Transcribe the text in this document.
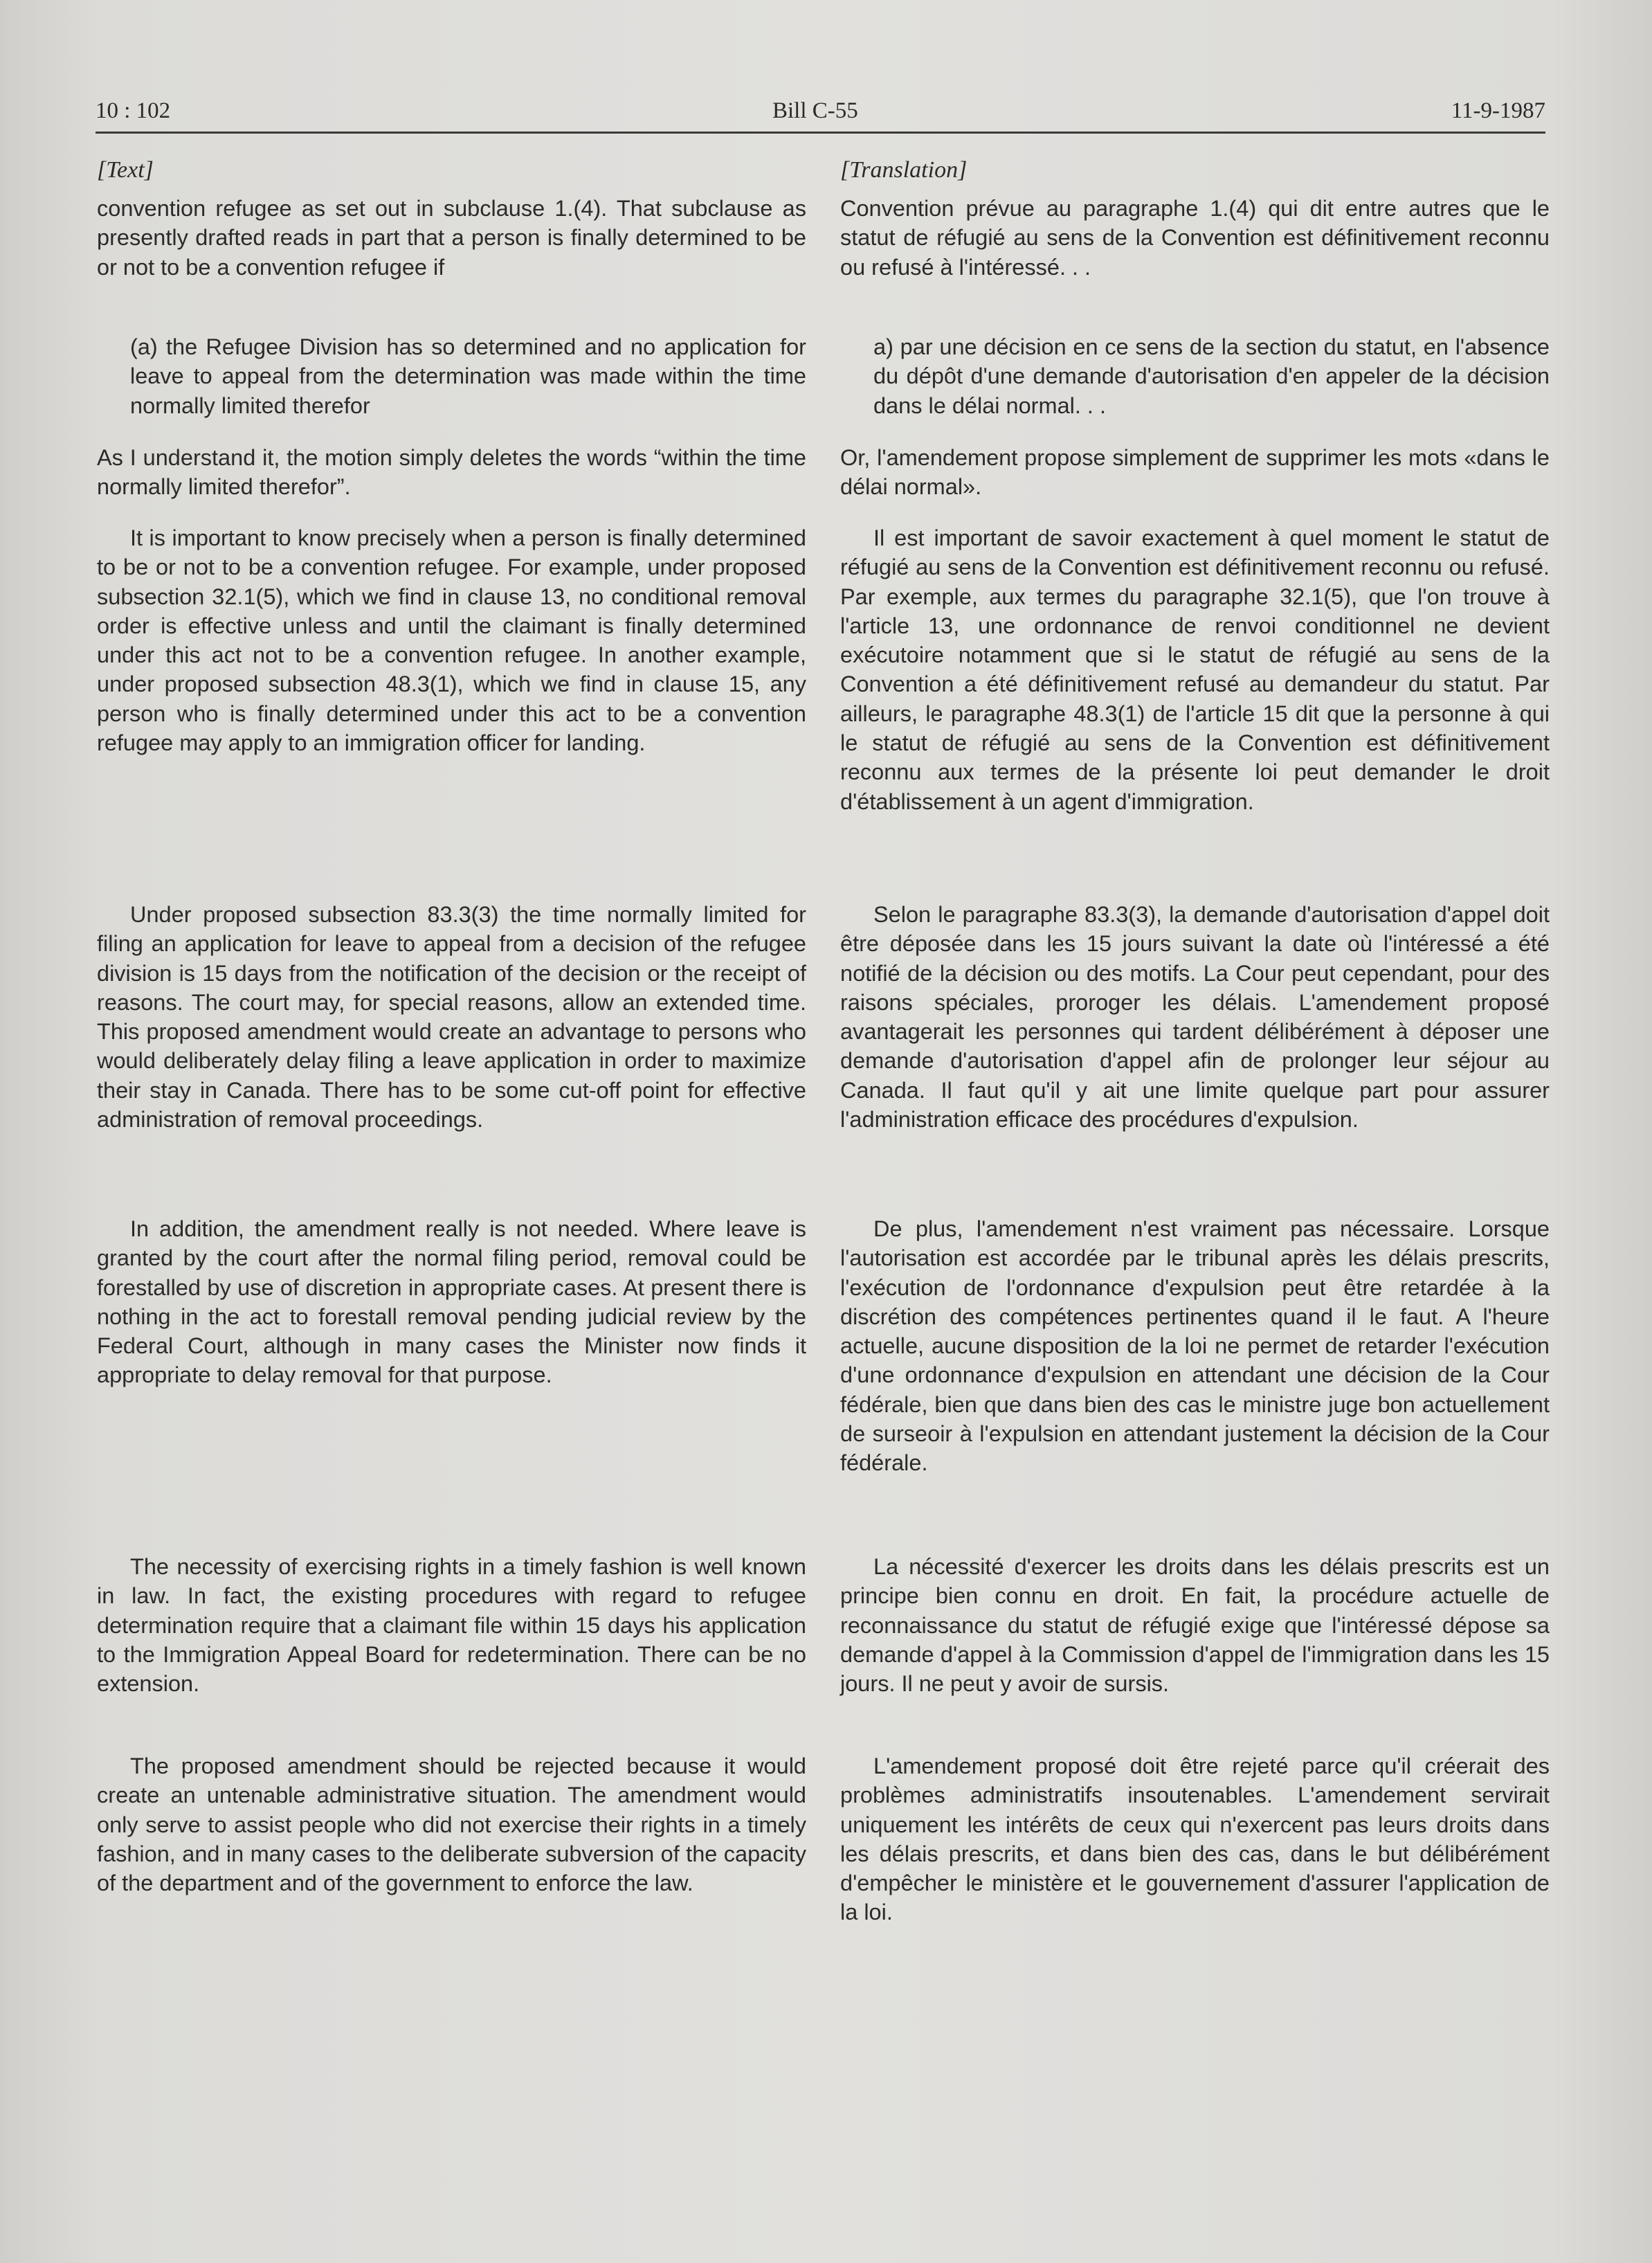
10 : 102	Bill C-55	11-9-1987
[Text]

convention refugee as set out in subclause 1.(4). That subclause as presently drafted reads in part that a person is finally determined to be or not to be a convention refugee if

(a) the Refugee Division has so determined and no application for leave to appeal from the determination was made within the time normally limited therefor

As I understand it, the motion simply deletes the words “within the time normally limited therefor”.

It is important to know precisely when a person is finally determined to be or not to be a convention refugee. For example, under proposed subsection 32.1(5), which we find in clause 13, no conditional removal order is effective unless and until the claimant is finally determined under this act not to be a convention refugee. In another example, under proposed subsection 48.3(1), which we find in clause 15, any person who is finally determined under this act to be a convention refugee may apply to an immigration officer for landing.

Under proposed subsection 83.3(3) the time normally limited for filing an application for leave to appeal from a decision of the refugee division is 15 days from the notification of the decision or the receipt of reasons. The court may, for special reasons, allow an extended time. This proposed amendment would create an advantage to persons who would deliberately delay filing a leave application in order to maximize their stay in Canada. There has to be some cut-off point for effective administration of removal proceedings.

In addition, the amendment really is not needed. Where leave is granted by the court after the normal filing period, removal could be forestalled by use of discretion in appropriate cases. At present there is nothing in the act to forestall removal pending judicial review by the Federal Court, although in many cases the Minister now finds it appropriate to delay removal for that purpose.

The necessity of exercising rights in a timely fashion is well known in law. In fact, the existing procedures with regard to refugee determination require that a claimant file within 15 days his application to the Immigration Appeal Board for redetermination. There can be no extension.

The proposed amendment should be rejected because it would create an untenable administrative situation. The amendment would only serve to assist people who did not exercise their rights in a timely fashion, and in many cases to the deliberate subversion of the capacity of the department and of the government to enforce the law.

[Translation]

Convention prévue au paragraphe 1.(4) qui dit entre autres que le statut de réfugié au sens de la Convention est définitivement reconnu ou refusé à l'intéressé. . .

a) par une décision en ce sens de la section du statut, en l'absence du dépôt d'une demande d'autorisation d'en appeler de la décision dans le délai normal. . .

Or, l'amendement propose simplement de supprimer les mots «dans le délai normal».

Il est important de savoir exactement à quel moment le statut de réfugié au sens de la Convention est définitivement reconnu ou refusé. Par exemple, aux termes du paragraphe 32.1(5), que l'on trouve à l'article 13, une ordonnance de renvoi conditionnel ne devient exécutoire notamment que si le statut de réfugié au sens de la Convention a été définitivement refusé au demandeur du statut. Par ailleurs, le paragraphe 48.3(1) de l'article 15 dit que la personne à qui le statut de réfugié au sens de la Convention est définitivement reconnu aux termes de la présente loi peut demander le droit d'établissement à un agent d'immigration.

Selon le paragraphe 83.3(3), la demande d'autorisation d'appel doit être déposée dans les 15 jours suivant la date où l'intéressé a été notifié de la décision ou des motifs. La Cour peut cependant, pour des raisons spéciales, proroger les délais. L'amendement proposé avantagerait les personnes qui tardent délibérément à déposer une demande d'autorisation d'appel afin de prolonger leur séjour au Canada. Il faut qu'il y ait une limite quelque part pour assurer l'administration efficace des procédures d'expulsion.

De plus, l'amendement n'est vraiment pas nécessaire. Lorsque l'autorisation est accordée par le tribunal après les délais prescrits, l'exécution de l'ordonnance d'expulsion peut être retardée à la discrétion des compétences pertinentes quand il le faut. A l'heure actuelle, aucune disposition de la loi ne permet de retarder l'exécution d'une ordonnance d'expulsion en attendant une décision de la Cour fédérale, bien que dans bien des cas le ministre juge bon actuellement de surseoir à l'expulsion en attendant justement la décision de la Cour fédérale.

La nécessité d'exercer les droits dans les délais prescrits est un principe bien connu en droit. En fait, la procédure actuelle de reconnaissance du statut de réfugié exige que l'intéressé dépose sa demande d'appel à la Commission d'appel de l'immigration dans les 15 jours. Il ne peut y avoir de sursis.

L'amendement proposé doit être rejeté parce qu'il créerait des problèmes administratifs insoutenables. L'amendement servirait uniquement les intérêts de ceux qui n'exercent pas leurs droits dans les délais prescrits, et dans bien des cas, dans le but délibérément d'empêcher le ministère et le gouvernement d'assurer l'application de la loi.
